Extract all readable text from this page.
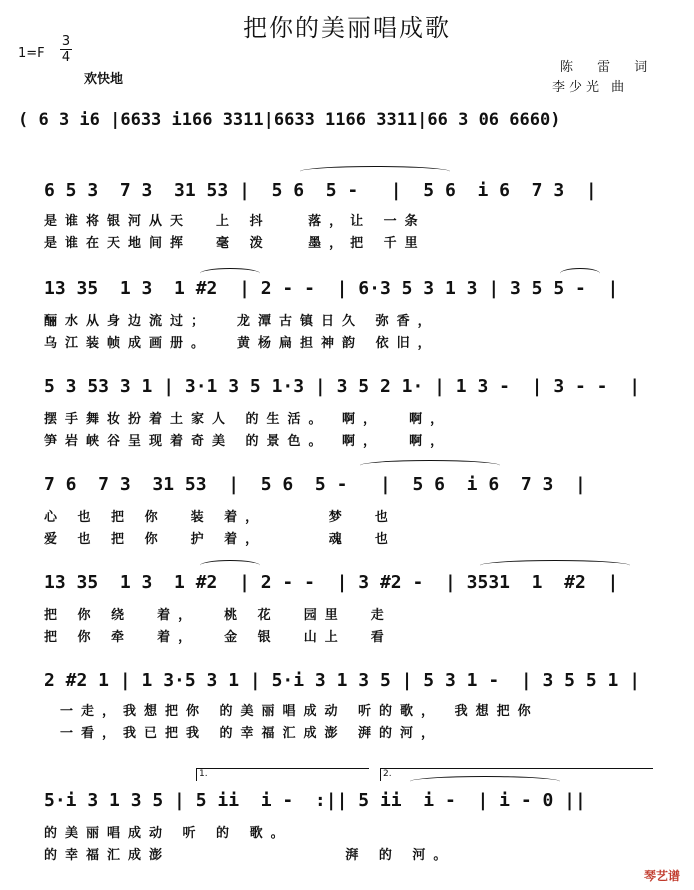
把你的美丽唱成歌
1=F
3
4
欢快地
陈 雷 词
李少光 曲
( 6 3 i6 |6633 i166 3311|6633 1166 3311|66 3 06 6660)
6 5 3  7 3  31 53 |  5 6  5 -   |  5 6  i 6  7 3  |
是谁将银河从天  上 抖   落，让 一条
是谁在天地间挥  毫 泼   墨，把 千里
13 35  1 3  1 #2  | 2 - -  | 6·3 5 3 1 3 | 3 5 5 -  |
酾水从身边流过；  龙潭古镇日久 弥香，
乌江装帧成画册。  黄杨扁担神韵 依旧，
5 3 53 3 1 | 3·1 3 5 1·3 | 3 5 2 1· | 1 3 -  | 3 - -  |
摆手舞妆扮着土家人 的生活。 啊，  啊，
笋岩峡谷呈现着奇美 的景色。 啊，  啊，
7 6  7 3  31 53  |  5 6  5 -   |  5 6  i 6  7 3  |
心 也 把 你  装 着，     梦  也
爱 也 把 你  护 着，     魂  也
13 35  1 3  1 #2  | 2 - -  | 3 #2 -  | 3531  1  #2  |
把 你 绕  着，  桃 花  园里  走
把 你 牵  着，  金 银  山上  看
2 #2 1 | 1 3·5 3 1 | 5·i 3 1 3 5 | 5 3 1 -  | 3 5 5 1 |
一走，我想把你 的美丽唱成动 听的歌， 我想把你
一看，我已把我 的幸福汇成澎 湃的河，
1.	2.
5·i 3 1 3 5 | 5 ii  i -  :|| 5 ii  i -  | i - 0 ||
的美丽唱成动 听 的 歌。
的幸福汇成澎              湃 的 河。
琴艺谱
